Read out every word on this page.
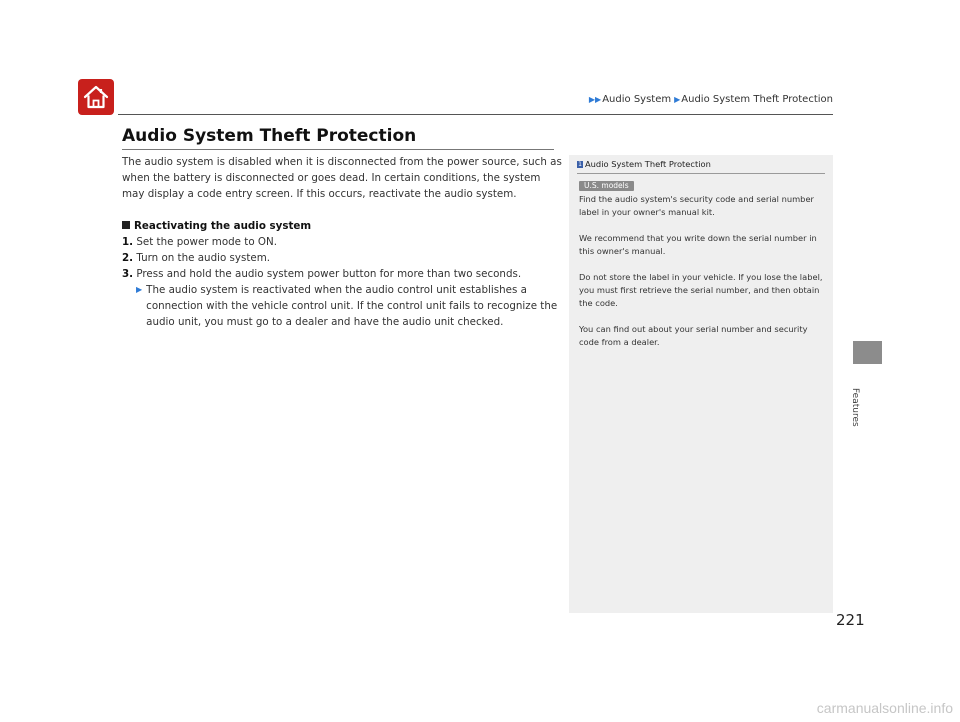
▶▶ Audio System ▶ Audio System Theft Protection
Audio System Theft Protection

The audio system is disabled when it is disconnected from the power source, such as when the battery is disconnected or goes dead. In certain conditions, the system may display a code entry screen. If this occurs, reactivate the audio system.

Reactivating the audio system

1. Set the power mode to ON.

2. Turn on the audio system.

3. Press and hold the audio system power button for more than two seconds.

▶ The audio system is reactivated when the audio control unit establishes a connection with the vehicle control unit. If the control unit fails to recognize the audio unit, you must go to a dealer and have the audio unit checked.
1 Audio System Theft Protection
U.S. models

Find the audio system's security code and serial number label in your owner's manual kit.

We recommend that you write down the serial number in this owner's manual.

Do not store the label in your vehicle. If you lose the label, you must first retrieve the serial number, and then obtain the code.

You can find out about your serial number and security code from a dealer.

Features
221
carmanualsonline.info
